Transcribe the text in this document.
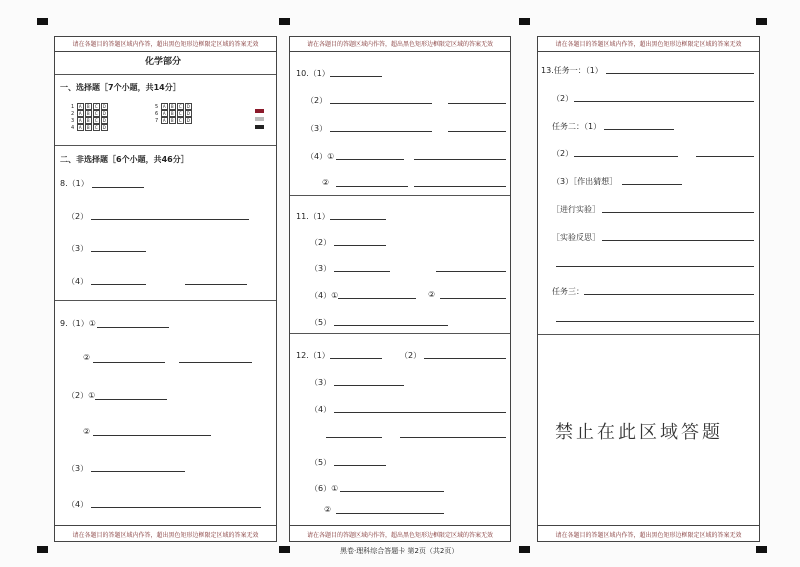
请在各题目的答题区域内作答，超出黑色矩形边框限定区域的答案无效
请在各题目的答题区域内作答，超出黑色矩形边框限定区域的答案无效
化学部分
一、选择题［7个小题，共14分］
1 A B C D
2 A B C D
3 A B C D
4 A B C D
5 A B C D
6 A B C D
7 A B C D
二、非选择题［6个小题，共46分］
8.（1）
（2）
（3）
（4）
9.（1）①
②
（2）①
②
（3）
（4）
请在各题目的答题区域内作答，超出黑色矩形边框限定区域的答案无效
请在各题目的答题区域内作答，超出黑色矩形边框限定区域的答案无效
10.（1）
（2）
（3）
（4）①
②
11.（1）
（2）
（3）
（4）①	②
（5）
12.（1）	（2）
（3）
（4）
（5）
（6）①
②
请在各题目的答题区域内作答，超出黑色矩形边框限定区域的答案无效
请在各题目的答题区域内作答，超出黑色矩形边框限定区域的答案无效
13.任务一：（1）
（2）
任务二：（1）
（2）
（3）［作出猜想］
［进行实验］
［实验反思］
任务三：
禁止在此区域答题
黑卷·理科综合答题卡 第2页（共2页）
